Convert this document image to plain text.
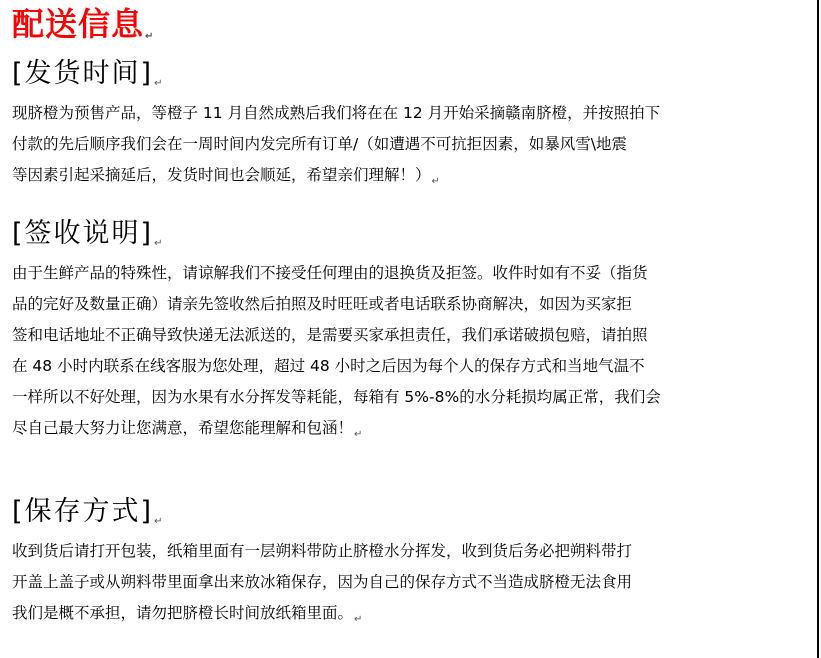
配送信息↵
[发货时间]↵
现脐橙为预售产品，等橙子 11 月自然成熟后我们将在在 12 月开始采摘赣南脐橙，并按照拍下
付款的先后顺序我们会在一周时间内发完所有订单/（如遭遇不可抗拒因素，如暴风雪\地震
等因素引起采摘延后，发货时间也会顺延，希望亲们理解！）$_↵$
[签收说明]↵
由于生鲜产品的特殊性，请谅解我们不接受任何理由的退换货及拒签。收件时如有不妥（指货
品的完好及数量正确）请亲先签收然后拍照及时旺旺或者电话联系协商解决，如因为买家拒
签和电话地址不正确导致快递无法派送的，是需要买家承担责任，我们承诺破损包赔，请拍照
在 48 小时内联系在线客服为您处理，超过 48 小时之后因为每个人的保存方式和当地气温不
一样所以不好处理，因为水果有水分挥发等耗能，每箱有 5%-8%的水分耗损均属正常，我们会
尽自己最大努力让您满意，希望您能理解和包涵！$_↵$
[保存方式]↵
收到货后请打开包装，纸箱里面有一层朔料带防止脐橙水分挥发，收到货后务必把朔料带打
开盖上盖子或从朔料带里面拿出来放冰箱保存，因为自己的保存方式不当造成脐橙无法食用
我们是概不承担，请勿把脐橙长时间放纸箱里面。$_↵$
